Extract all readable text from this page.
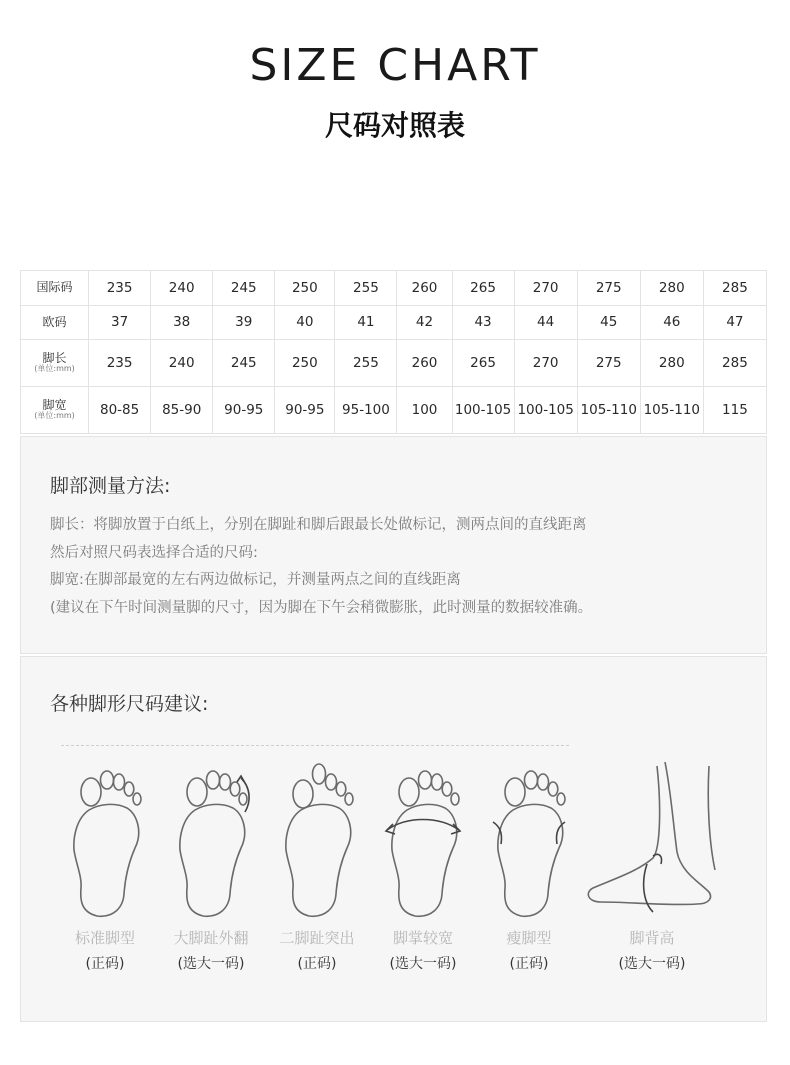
SIZE CHART
尺码对照表
国际码	235	240	245	250	255	260	265	270	275	280	285
欧码	37	38	39	40	41	42	43	44	45	46	47
脚长
(单位:mm)	235	240	245	250	255	260	265	270	275	280	285
脚宽
(单位:mm)	80-85	85-90	90-95	90-95	95-100	100	100-105	100-105	105-110	105-110	115
脚部测量方法:
脚长：将脚放置于白纸上，分别在脚趾和脚后跟最长处做标记，测两点间的直线距离
然后对照尺码表选择合适的尺码:
脚宽:在脚部最宽的左右两边做标记，并测量两点之间的直线距离
(建议在下午时间测量脚的尺寸，因为脚在下午会稍微膨胀，此时测量的数据较准确。
各种脚形尺码建议:
标准脚型
(正码)
大脚趾外翻
(选大一码)
二脚趾突出
(正码)
脚掌较宽
(选大一码)
瘦脚型
(正码)
脚背高
(选大一码)
